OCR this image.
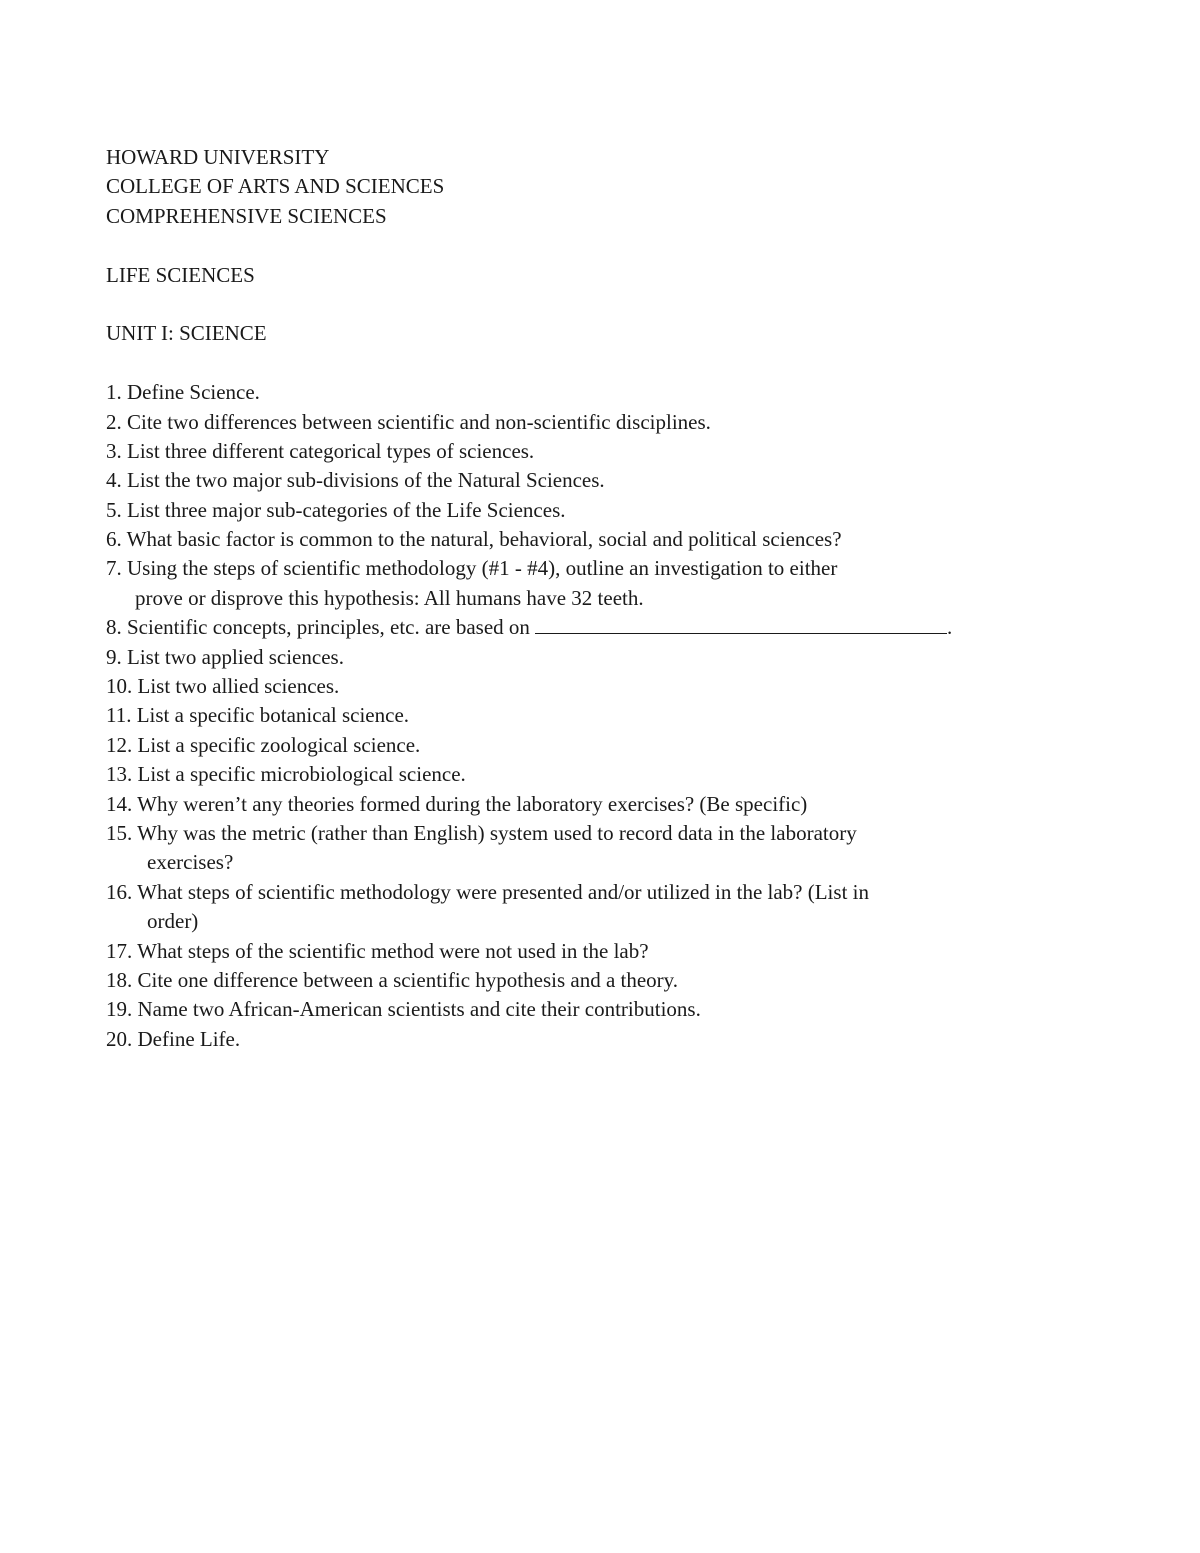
HOWARD UNIVERSITY
COLLEGE OF ARTS AND SCIENCES
COMPREHENSIVE SCIENCES
LIFE SCIENCES
UNIT I: SCIENCE
1. Define Science.
2. Cite two differences between scientific and non-scientific disciplines.
3. List three different categorical types of sciences.
4. List the two major sub-divisions of the Natural Sciences.
5. List three major sub-categories of the Life Sciences.
6. What basic factor is common to the natural, behavioral, social and political sciences?
7. Using the steps of scientific methodology (#1 - #4), outline an investigation to either
prove or disprove this hypothesis: All humans have 32 teeth.
8. Scientific concepts, principles, etc. are based on	.
9. List two applied sciences.
10. List two allied sciences.
11. List a specific botanical science.
12. List a specific zoological science.
13. List a specific microbiological science.
14. Why weren’t any theories formed during the laboratory exercises? (Be specific)
15. Why was the metric (rather than English) system used to record data in the laboratory
exercises?
16. What steps of scientific methodology were presented and/or utilized in the lab? (List in
order)
17. What steps of the scientific method were not used in the lab?
18. Cite one difference between a scientific hypothesis and a theory.
19. Name two African-American scientists and cite their contributions.
20. Define Life.
